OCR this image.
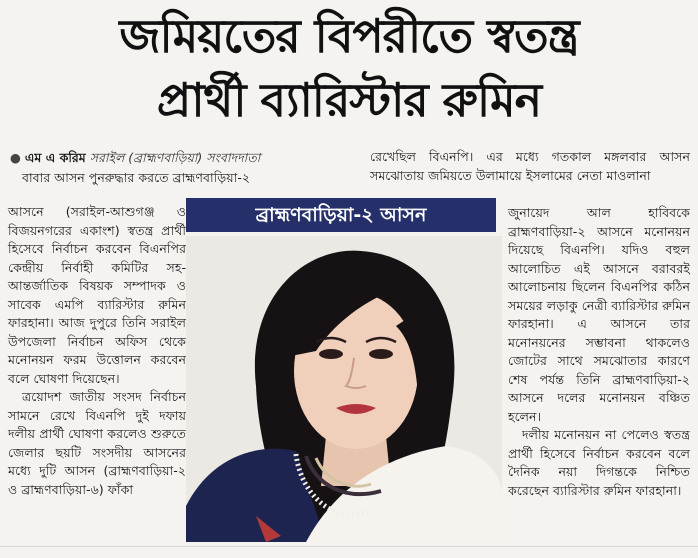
জমিয়তের বিপরীতে স্বতন্ত্র
প্রার্থী ব্যারিস্টার রুমিন
● এম এ করিম সরাইল (ব্রাহ্মণবাড়িয়া) সংবাদদাতা

বাবার আসন পুনরুদ্ধার করতে ব্রাহ্মণবাড়িয়া-২

আসনে (সরাইল-আশুগঞ্জ ও বিজয়নগরের একাংশ) স্বতন্ত্র প্রার্থী হিসেবে নির্বাচন করবেন বিএনপির কেন্দ্রীয় নির্বাহী কমিটির সহ-আন্তর্জাতিক বিষয়ক সম্পাদক ও সাবেক এমপি ব্যারিস্টার রুমিন ফারহানা। আজ দুপুরে তিনি সরাইল উপজেলা নির্বাচন অফিস থেকে মনোনয়ন ফরম উত্তোলন করবেন বলে ঘোষণা দিয়েছেন।

ত্রয়োদশ জাতীয় সংসদ নির্বাচন সামনে রেখে বিএনপি দুই দফায় দলীয় প্রার্থী ঘোষণা করলেও শুরুতে জেলার ছয়টি সংসদীয় আসনের মধ্যে দুটি আসন (ব্রাহ্মণবাড়িয়া-২ ও ব্রাহ্মণবাড়িয়া-৬) ফাঁকা

রেখেছিল বিএনপি। এর মধ্যে গতকাল মঙ্গলবার আসন সমঝোতায় জমিয়তে উলামায়ে ইসলামের নেতা মাওলানা

জুনায়েদ আল হাবিবকে ব্রাহ্মণবাড়িয়া-২ আসনে মনোনয়ন দিয়েছে বিএনপি। যদিও বহুল আলোচিত এই আসনে বরাবরই আলোচনায় ছিলেন বিএনপির কঠিন সময়ের লড়াকু নেত্রী ব্যারিস্টার রুমিন ফারহানা। এ আসনে তার মনোনয়নের সম্ভাবনা থাকলেও জোটের সাথে সমঝোতার কারণে শেষ পর্যন্ত তিনি ব্রাহ্মণবাড়িয়া-২ আসনে দলের মনোনয়ন বঞ্চিত হলেন।

দলীয় মনোনয়ন না পেলেও স্বতন্ত্র প্রার্থী হিসেবে নির্বাচন করবেন বলে দৈনিক নয়া দিগন্তকে নিশ্চিত করেছেন ব্যারিস্টার রুমিন ফারহানা।

ব্রাহ্মণবাড়িয়া-২ আসন
